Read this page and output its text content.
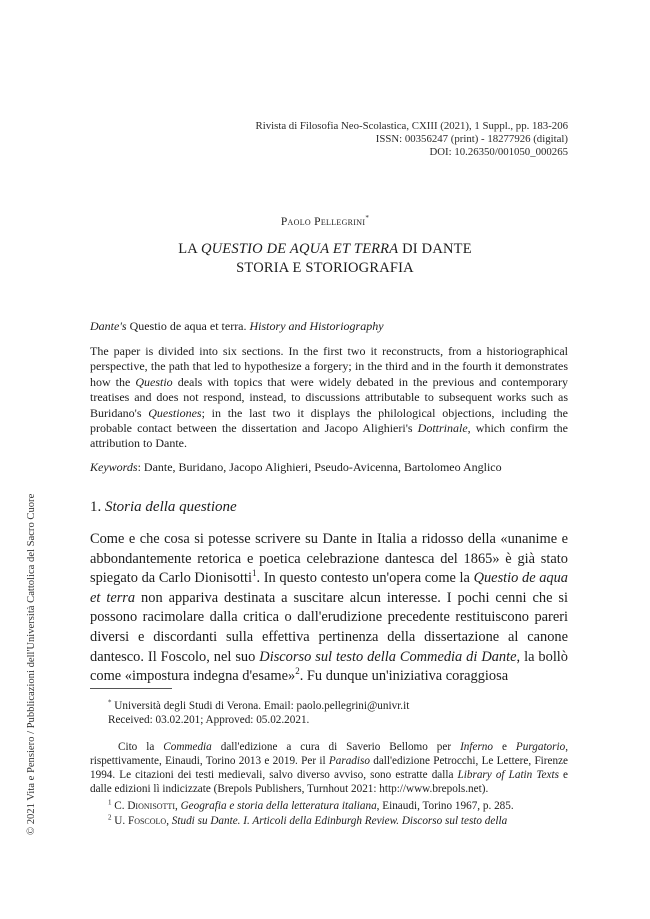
© 2021 Vita e Pensiero / Pubblicazioni dell'Università Cattolica del Sacro Cuore
Rivista di Filosofia Neo-Scolastica, CXIII (2021), 1 Suppl., pp. 183-206
ISSN: 00356247 (print) - 18277926 (digital)
DOI: 10.26350/001050_000265
Paolo Pellegrini*
LA QUESTIO DE AQUA ET TERRA DI DANTE
STORIA E STORIOGRAFIA
Dante's Questio de aqua et terra. History and Historiography

The paper is divided into six sections. In the first two it reconstructs, from a historiographical perspective, the path that led to hypothesize a forgery; in the third and in the fourth it demonstrates how the Questio deals with topics that were widely debated in the previous and contemporary treatises and does not respond, instead, to discussions attributable to subsequent works such as Buridano's Questiones; in the last two it displays the philological objections, including the probable contact between the dissertation and Jacopo Alighieri's Dottrinale, which confirm the attribution to Dante.

Keywords: Dante, Buridano, Jacopo Alighieri, Pseudo-Avicenna, Bartolomeo Anglico

1. Storia della questione

Come e che cosa si potesse scrivere su Dante in Italia a ridosso della «unanime e abbondantemente retorica e poetica celebrazione dantesca del 1865» è già stato spiegato da Carlo Dionisotti$^1$. In questo contesto un'opera come la Questio de aqua et terra non appariva destinata a suscitare alcun interesse. I pochi cenni che si possono racimolare dalla critica o dall'erudizione precedente restituiscono pareri diversi e discordanti sulla effettiva pertinenza della dissertazione al canone dantesco. Il Foscolo, nel suo Discorso sul testo della Commedia di Dante, la bollò come «impostura indegna d'esame»$^2$. Fu dunque un'iniziativa coraggiosa

* Università degli Studi di Verona. Email: paolo.pellegrini@univr.it
Received: 03.02.201; Approved: 05.02.2021.

Cito la Commedia dall'edizione a cura di Saverio Bellomo per Inferno e Purgatorio, rispettivamente, Einaudi, Torino 2013 e 2019. Per il Paradiso dall'edizione Petrocchi, Le Lettere, Firenze 1994. Le citazioni dei testi medievali, salvo diverso avviso, sono estratte dalla Library of Latin Texts e dalle edizioni lì indicizzate (Brepols Publishers, Turnhout 2021: http://www.brepols.net).

$^1$ C. Dionisotti, Geografia e storia della letteratura italiana, Einaudi, Torino 1967, p. 285.

$^2$ U. Foscolo, Studi su Dante. I. Articoli della Edinburgh Review. Discorso sul testo della
